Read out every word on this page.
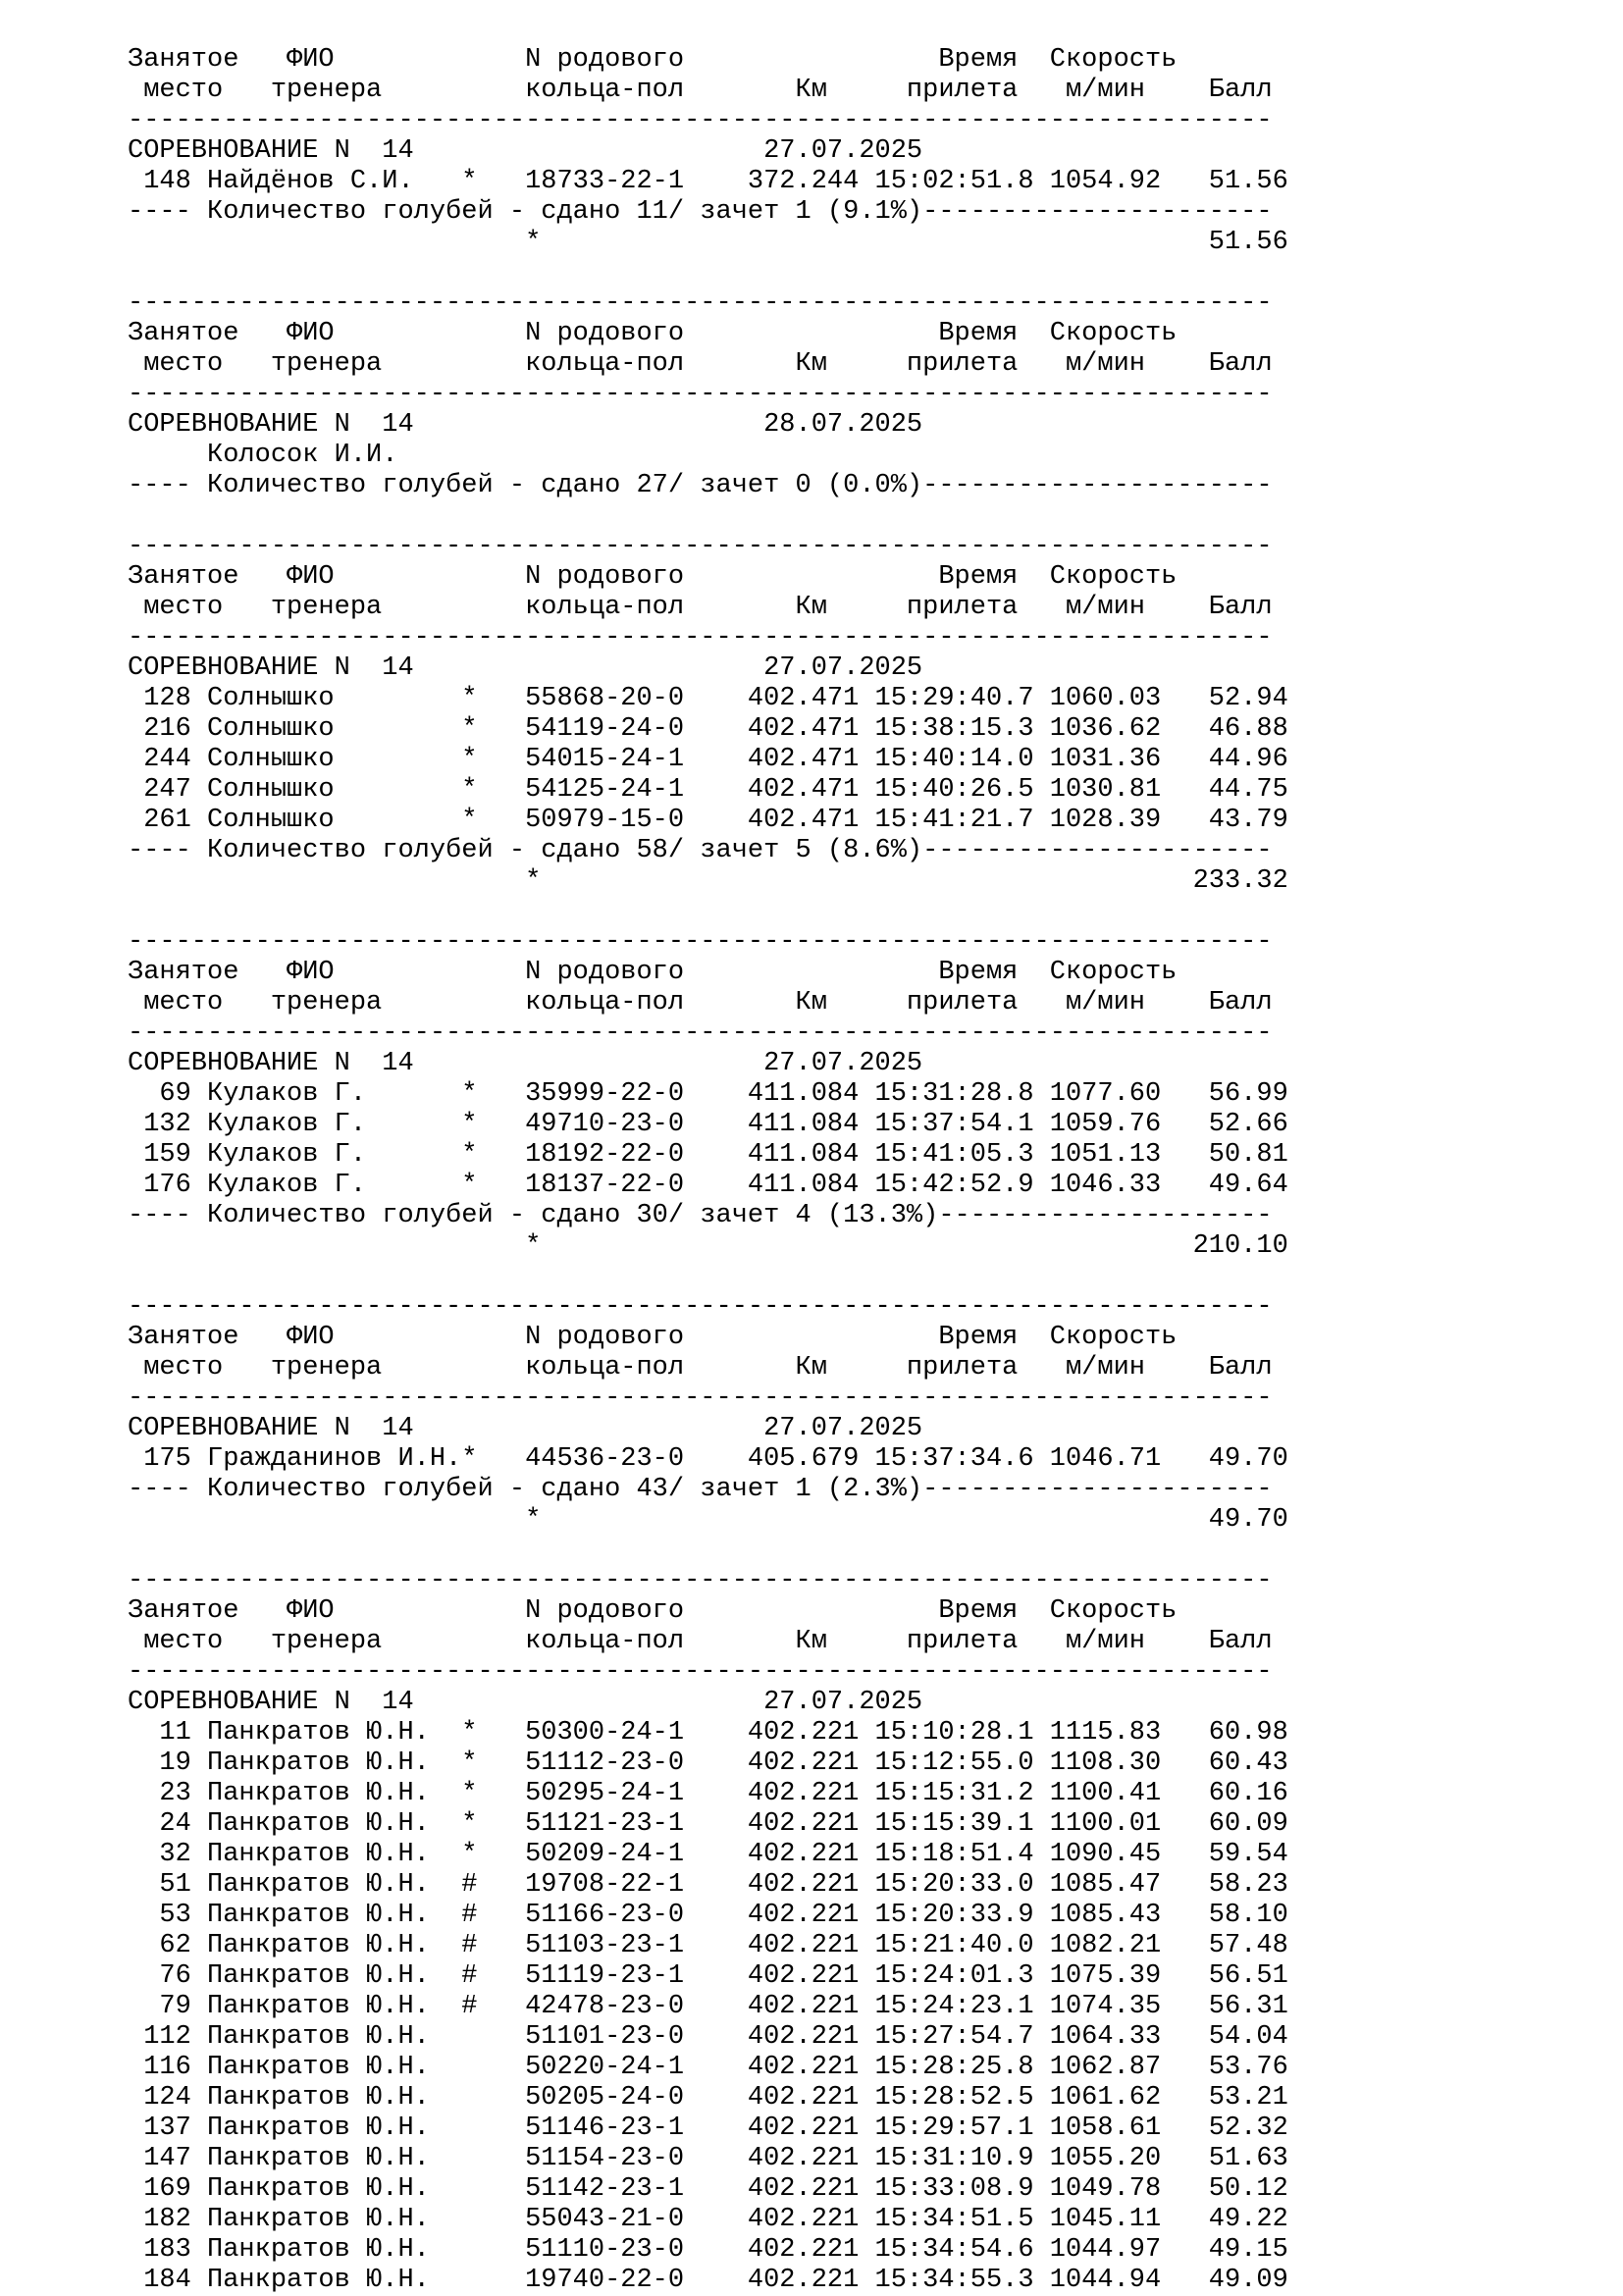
Занятое   ФИО            N родового                Время  Скорость
место   тренера         кольца-пол       Км     прилета   м/мин    Балл
------------------------------------------------------------------------
СОРЕВНОВАНИЕ N  14                      27.07.2025
148 Найдёнов С.И.   *   18733-22-1    372.244 15:02:51.8 1054.92   51.56
---- Количество голубей - сдано 11/ зачет 1 (9.1%)----------------------
*                                          51.56
------------------------------------------------------------------------
Занятое   ФИО            N родового                Время  Скорость
место   тренера         кольца-пол       Км     прилета   м/мин    Балл
------------------------------------------------------------------------
СОРЕВНОВАНИЕ N  14                      28.07.2025
Колосок И.И.
---- Количество голубей - сдано 27/ зачет 0 (0.0%)----------------------
------------------------------------------------------------------------
Занятое   ФИО            N родового                Время  Скорость
место   тренера         кольца-пол       Км     прилета   м/мин    Балл
------------------------------------------------------------------------
СОРЕВНОВАНИЕ N  14                      27.07.2025
128 Солнышко        *   55868-20-0    402.471 15:29:40.7 1060.03   52.94
216 Солнышко        *   54119-24-0    402.471 15:38:15.3 1036.62   46.88
244 Солнышко        *   54015-24-1    402.471 15:40:14.0 1031.36   44.96
247 Солнышко        *   54125-24-1    402.471 15:40:26.5 1030.81   44.75
261 Солнышко        *   50979-15-0    402.471 15:41:21.7 1028.39   43.79
---- Количество голубей - сдано 58/ зачет 5 (8.6%)----------------------
*                                         233.32
------------------------------------------------------------------------
Занятое   ФИО            N родового                Время  Скорость
место   тренера         кольца-пол       Км     прилета   м/мин    Балл
------------------------------------------------------------------------
СОРЕВНОВАНИЕ N  14                      27.07.2025
69 Кулаков Г.      *   35999-22-0    411.084 15:31:28.8 1077.60   56.99
132 Кулаков Г.      *   49710-23-0    411.084 15:37:54.1 1059.76   52.66
159 Кулаков Г.      *   18192-22-0    411.084 15:41:05.3 1051.13   50.81
176 Кулаков Г.      *   18137-22-0    411.084 15:42:52.9 1046.33   49.64
---- Количество голубей - сдано 30/ зачет 4 (13.3%)---------------------
*                                         210.10
------------------------------------------------------------------------
Занятое   ФИО            N родового                Время  Скорость
место   тренера         кольца-пол       Км     прилета   м/мин    Балл
------------------------------------------------------------------------
СОРЕВНОВАНИЕ N  14                      27.07.2025
175 Гражданинов И.Н.*   44536-23-0    405.679 15:37:34.6 1046.71   49.70
---- Количество голубей - сдано 43/ зачет 1 (2.3%)----------------------
*                                          49.70
------------------------------------------------------------------------
Занятое   ФИО            N родового                Время  Скорость
место   тренера         кольца-пол       Км     прилета   м/мин    Балл
------------------------------------------------------------------------
СОРЕВНОВАНИЕ N  14                      27.07.2025
11 Панкратов Ю.Н.  *   50300-24-1    402.221 15:10:28.1 1115.83   60.98
19 Панкратов Ю.Н.  *   51112-23-0    402.221 15:12:55.0 1108.30   60.43
23 Панкратов Ю.Н.  *   50295-24-1    402.221 15:15:31.2 1100.41   60.16
24 Панкратов Ю.Н.  *   51121-23-1    402.221 15:15:39.1 1100.01   60.09
32 Панкратов Ю.Н.  *   50209-24-1    402.221 15:18:51.4 1090.45   59.54
51 Панкратов Ю.Н.  #   19708-22-1    402.221 15:20:33.0 1085.47   58.23
53 Панкратов Ю.Н.  #   51166-23-0    402.221 15:20:33.9 1085.43   58.10
62 Панкратов Ю.Н.  #   51103-23-1    402.221 15:21:40.0 1082.21   57.48
76 Панкратов Ю.Н.  #   51119-23-1    402.221 15:24:01.3 1075.39   56.51
79 Панкратов Ю.Н.  #   42478-23-0    402.221 15:24:23.1 1074.35   56.31
112 Панкратов Ю.Н.      51101-23-0    402.221 15:27:54.7 1064.33   54.04
116 Панкратов Ю.Н.      50220-24-1    402.221 15:28:25.8 1062.87   53.76
124 Панкратов Ю.Н.      50205-24-0    402.221 15:28:52.5 1061.62   53.21
137 Панкратов Ю.Н.      51146-23-1    402.221 15:29:57.1 1058.61   52.32
147 Панкратов Ю.Н.      51154-23-0    402.221 15:31:10.9 1055.20   51.63
169 Панкратов Ю.Н.      51142-23-1    402.221 15:33:08.9 1049.78   50.12
182 Панкратов Ю.Н.      55043-21-0    402.221 15:34:51.5 1045.11   49.22
183 Панкратов Ю.Н.      51110-23-0    402.221 15:34:54.6 1044.97   49.15
184 Панкратов Ю.Н.      19740-22-0    402.221 15:34:55.3 1044.94   49.09
